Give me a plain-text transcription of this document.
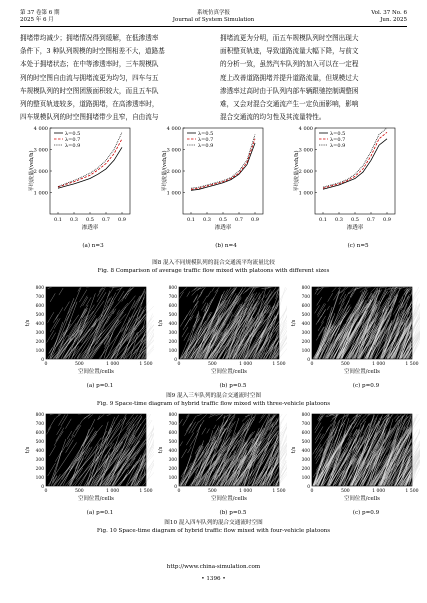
第 37 卷第 6 期
2025 年 6 月
系统仿真学报
Journal of System Simulation
Vol. 37 No. 6
Jun. 2025
拥堵带均减少；拥堵情况得到缓解，在低渗透率
条件下，3 种队列规模的时空图相差不大，道路基
本处于拥堵状态；在中等渗透率时，三车规模队
列的时空图自由流与拥堵流更为均匀，四车与五
车规模队列的时空图团簇面积较大，而且五车队
列的整页轨迹较多，道路拥堵，在高渗透率时，
四车规模队列的时空图拥堵带少且窄，自由流与
拥堵流更为分明，而五车规模队列时空图出现大
面积整页轨迹，导致道路流量大幅下降，与前文
的分析一致，虽然汽车队列的加入可以在一定程
度上改善道路拥堵并提升道路流量，但规模过大
渗透率过高时由于队列内部车辆跟驰控制调整困
难，又会对混合交通流产生一定负面影响，影响
混合交通流的均匀性及其流量特性。
1 000
2 000
3 000
4 000
0.1 0.3 0.5 0.7 0.9
渗透率
平均流量/(veh/h)
λ=0.5
λ=0.7
λ=0.9
1 000
2 000
3 000
4 000
0.1 0.3 0.5 0.7 0.9
渗透率
平均流量/(veh/h)
λ=0.5
λ=0.7
λ=0.9
1 000
2 000
3 000
4 000
0.1 0.3 0.5 0.7 0.9
渗透率
平均流量/(veh/h)
λ=0.5
λ=0.7
λ=0.9
(a) n=3	(b) n=4	(c) n=5
图8 混入不同规模队列的混合交通流平均流量比较
Fig. 8 Comparison of average traffic flow mixed with platoons with different sizes
0
100
200
300
400
500
600
700
800
0	500	1 000	1 500
空间位置/cells
t/s
0
100
200
300
400
500
600
700
800
0	500	1 000	1 500
空间位置/cells
t/s
0
100
200
300
400
500
600
700
800
0	500	1 000	1 500
空间位置/cells
t/s
(a) p=0.1	(b) p=0.5	(c) p=0.9
图9 混入三车队列的混合交通流时空图
Fig. 9 Space-time diagram of hybrid traffic flow mixed with three-vehicle platoons
0
100
200
300
400
500
600
700
800
0	500	1 000	1 500
空间位置/cells
t/s
0
100
200
300
400
500
600
700
800
0	500	1 000	1 500
空间位置/cells
t/s
0
100
200
300
400
500
600
700
800
0	500	1 000	1 500
空间位置/cells
t/s
(a) p=0.1	(b) p=0.5	(c) p=0.9
图10 混入四车队列的混合交通流时空图
Fig. 10 Space-time diagram of hybrid traffic flow mixed with four-vehicle platoons
http://www.china-simulation.com
• 1396 •
